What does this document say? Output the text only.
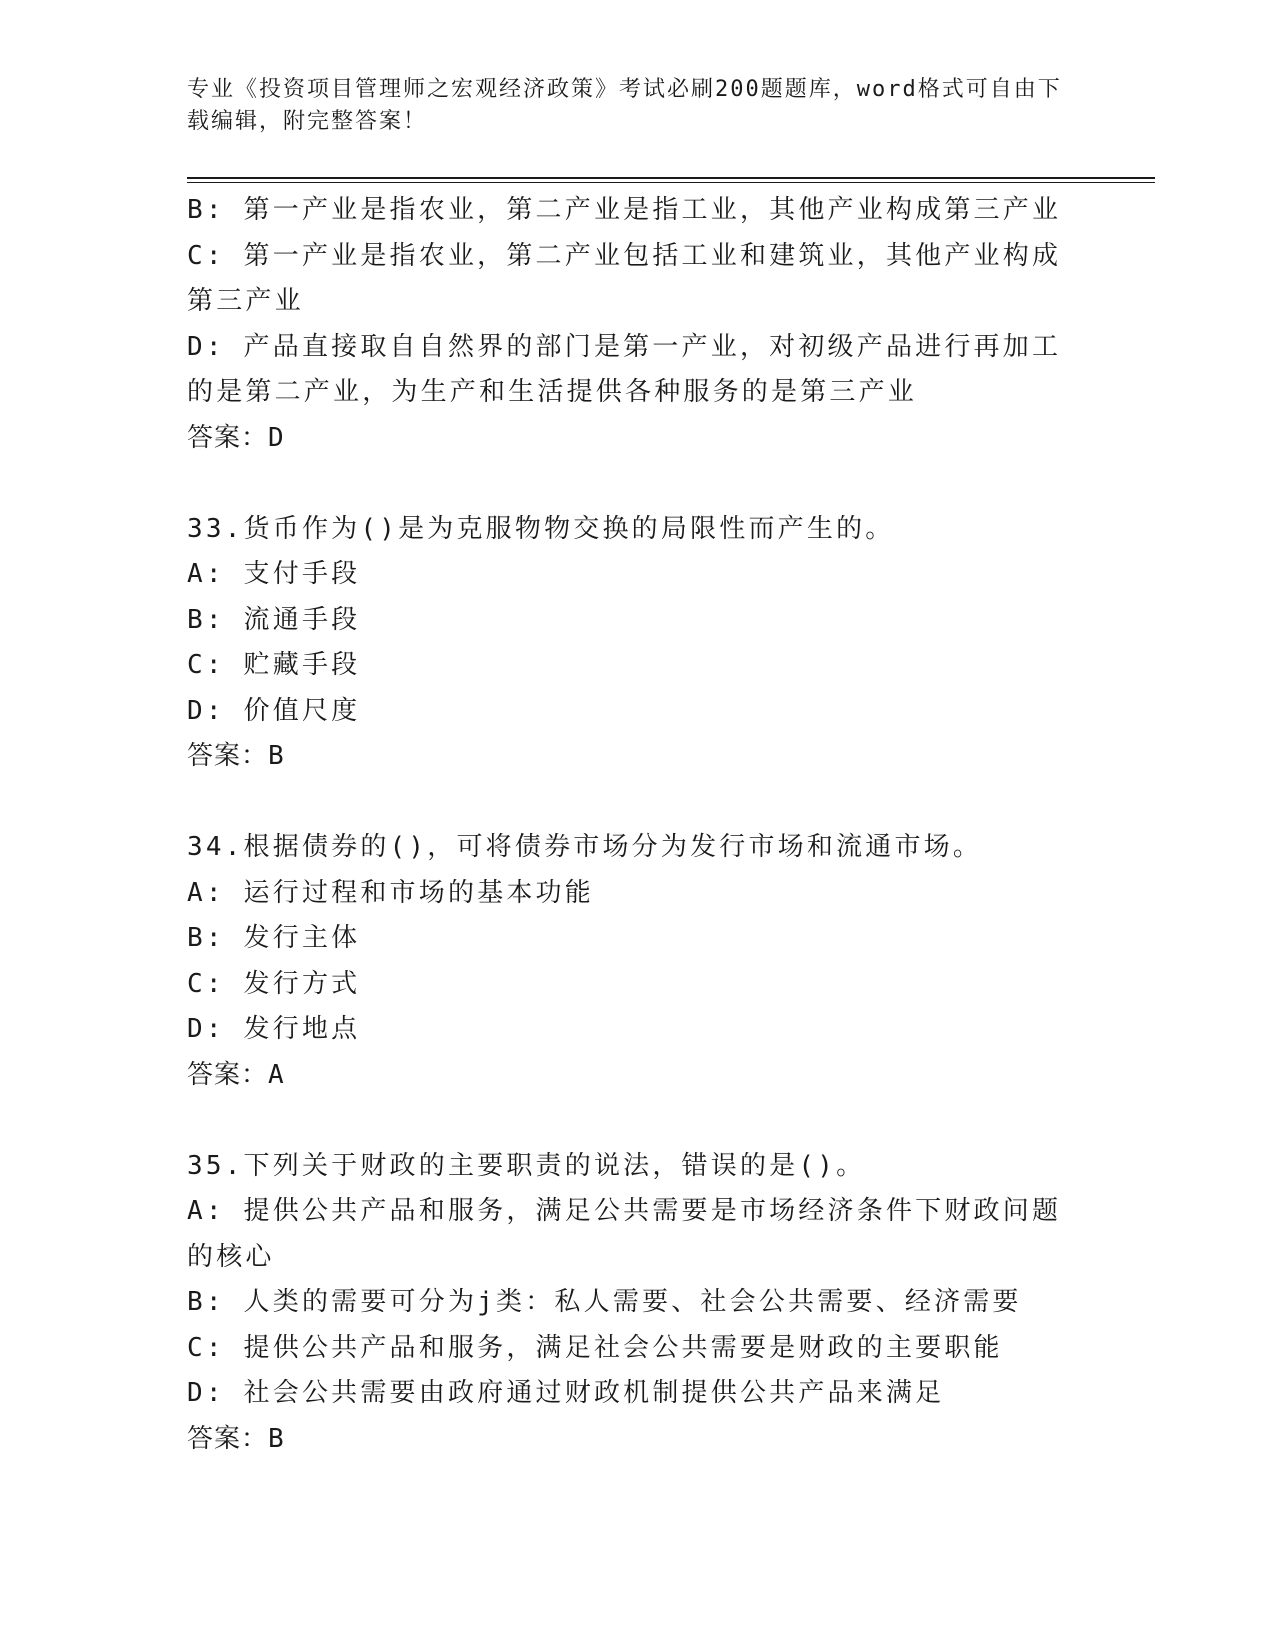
专业《投资项目管理师之宏观经济政策》考试必刷200题题库，word格式可自由下载编辑，附完整答案！
B: 第一产业是指农业，第二产业是指工业，其他产业构成第三产业
C: 第一产业是指农业，第二产业包括工业和建筑业，其他产业构成第三产业
D: 产品直接取自自然界的部门是第一产业，对初级产品进行再加工的是第二产业，为生产和生活提供各种服务的是第三产业
答案：D
33.货币作为()是为克服物物交换的局限性而产生的。
A: 支付手段
B: 流通手段
C: 贮藏手段
D: 价值尺度
答案：B
34.根据债券的()，可将债券市场分为发行市场和流通市场。
A: 运行过程和市场的基本功能
B: 发行主体
C: 发行方式
D: 发行地点
答案：A
35.下列关于财政的主要职责的说法，错误的是()。
A: 提供公共产品和服务，满足公共需要是市场经济条件下财政问题的核心
B: 人类的需要可分为j类：私人需要、社会公共需要、经济需要
C: 提供公共产品和服务，满足社会公共需要是财政的主要职能
D: 社会公共需要由政府通过财政机制提供公共产品来满足
答案：B
